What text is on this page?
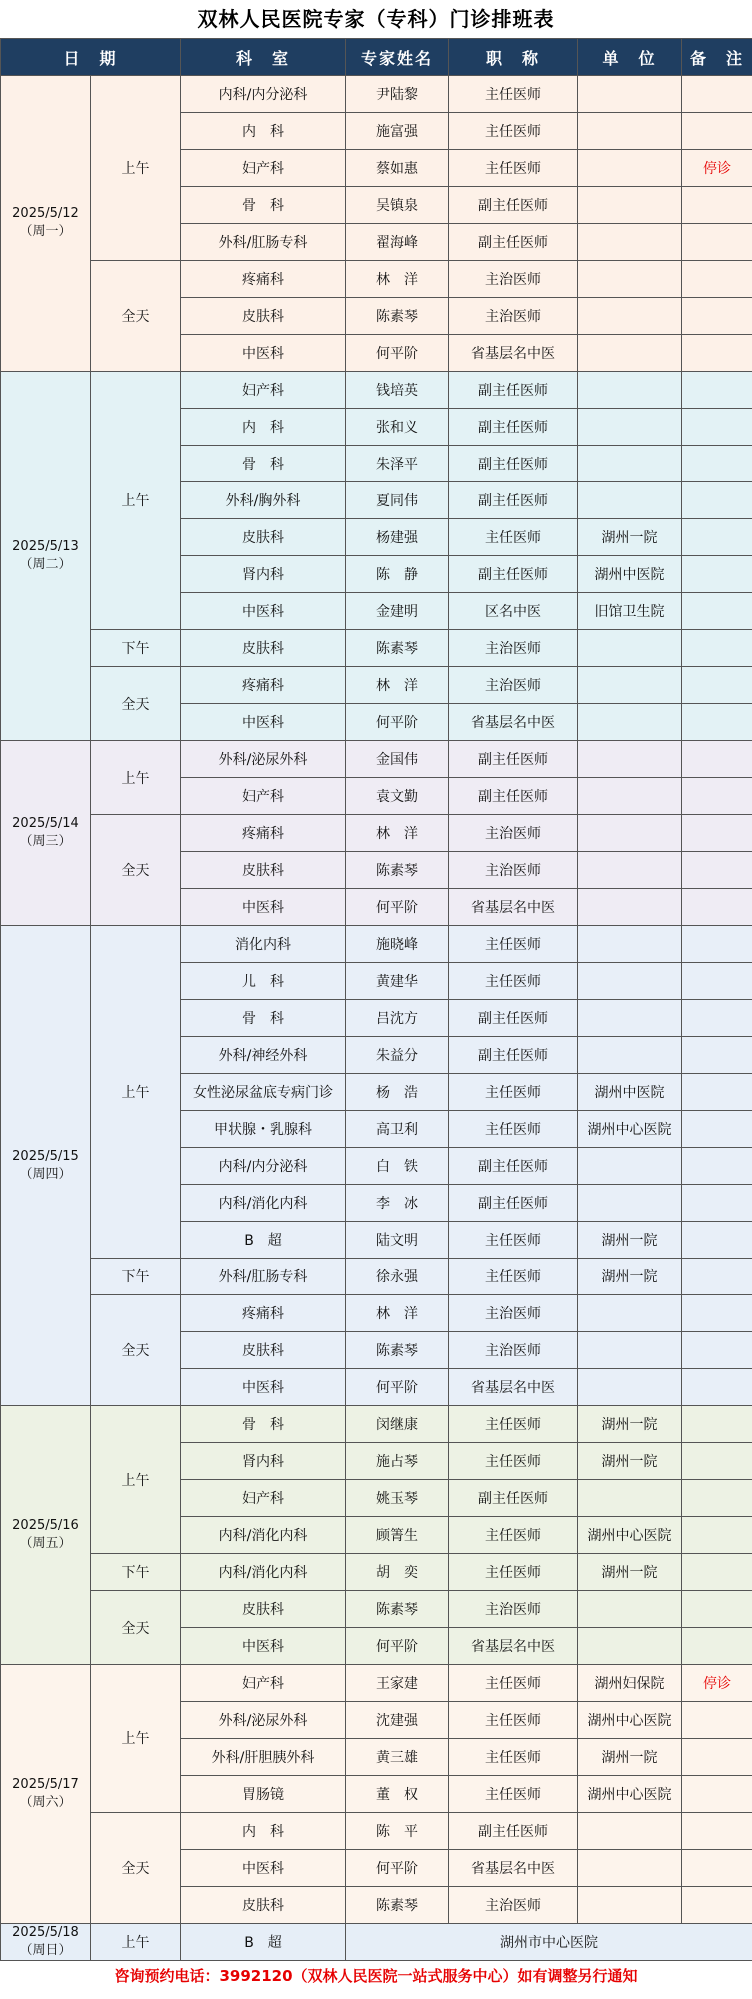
双林人民医院专家（专科）门诊排班表
日　期		科　室	专家姓名	职　称	单　位	备　注

2025/5/12
（周一）	上午	内科/内分泌科	尹陆黎	主任医师		
		内　科	施富强	主任医师		
		妇产科	蔡如惠	主任医师		停诊
		骨　科	吴镇泉	副主任医师		
		外科/肛肠专科	翟海峰	副主任医师		
	全天	疼痛科	林　洋	主治医师		
		皮肤科	陈素琴	主治医师		
		中医科	何平阶	省基层名中医		

2025/5/13
（周二）	上午	妇产科	钱培英	副主任医师		
		内　科	张和义	副主任医师		
		骨　科	朱泽平	副主任医师		
		外科/胸外科	夏同伟	副主任医师		
		皮肤科	杨建强	主任医师	湖州一院	
		肾内科	陈　静	副主任医师	湖州中医院	
		中医科	金建明	区名中医	旧馆卫生院	
	下午	皮肤科	陈素琴	主治医师		
	全天	疼痛科	林　洋	主治医师		
		中医科	何平阶	省基层名中医		

2025/5/14
（周三）	上午	外科/泌尿外科	金国伟	副主任医师		
		妇产科	袁文勤	副主任医师		
	全天	疼痛科	林　洋	主治医师		
		皮肤科	陈素琴	主治医师		
		中医科	何平阶	省基层名中医		

2025/5/15
（周四）	上午	消化内科	施晓峰	主任医师		
		儿　科	黄建华	主任医师		
		骨　科	吕沈方	副主任医师		
		外科/神经外科	朱益分	副主任医师		
		女性泌尿盆底专病门诊	杨　浩	主任医师	湖州中医院	
		甲状腺・乳腺科	高卫利	主任医师	湖州中心医院	
		内科/内分泌科	白　铁	副主任医师		
		内科/消化内科	李　冰	副主任医师		
		B　超	陆文明	主任医师	湖州一院	
	下午	外科/肛肠专科	徐永强	主任医师	湖州一院	
	全天	疼痛科	林　洋	主治医师		
		皮肤科	陈素琴	主治医师		
		中医科	何平阶	省基层名中医		

2025/5/16
（周五）	上午	骨　科	闵继康	主任医师	湖州一院	
		肾内科	施占琴	主任医师	湖州一院	
		妇产科	姚玉琴	副主任医师		
		内科/消化内科	顾箐生	主任医师	湖州中心医院	
	下午	内科/消化内科	胡　奕	主任医师	湖州一院	
	全天	皮肤科	陈素琴	主治医师		
		中医科	何平阶	省基层名中医		

2025/5/17
（周六）	上午	妇产科	王家建	主任医师	湖州妇保院	停诊
		外科/泌尿外科	沈建强	主任医师	湖州中心医院	
		外科/肝胆胰外科	黄三雄	主任医师	湖州一院	
		胃肠镜	董　权	主任医师	湖州中心医院	
	全天	内　科	陈　平	副主任医师		
		中医科	何平阶	省基层名中医		
		皮肤科	陈素琴	主治医师		

2025/5/18
（周日）	上午	B　超	湖州市中心医院			
咨询预约电话：3992120（双林人民医院一站式服务中心）如有调整另行通知
